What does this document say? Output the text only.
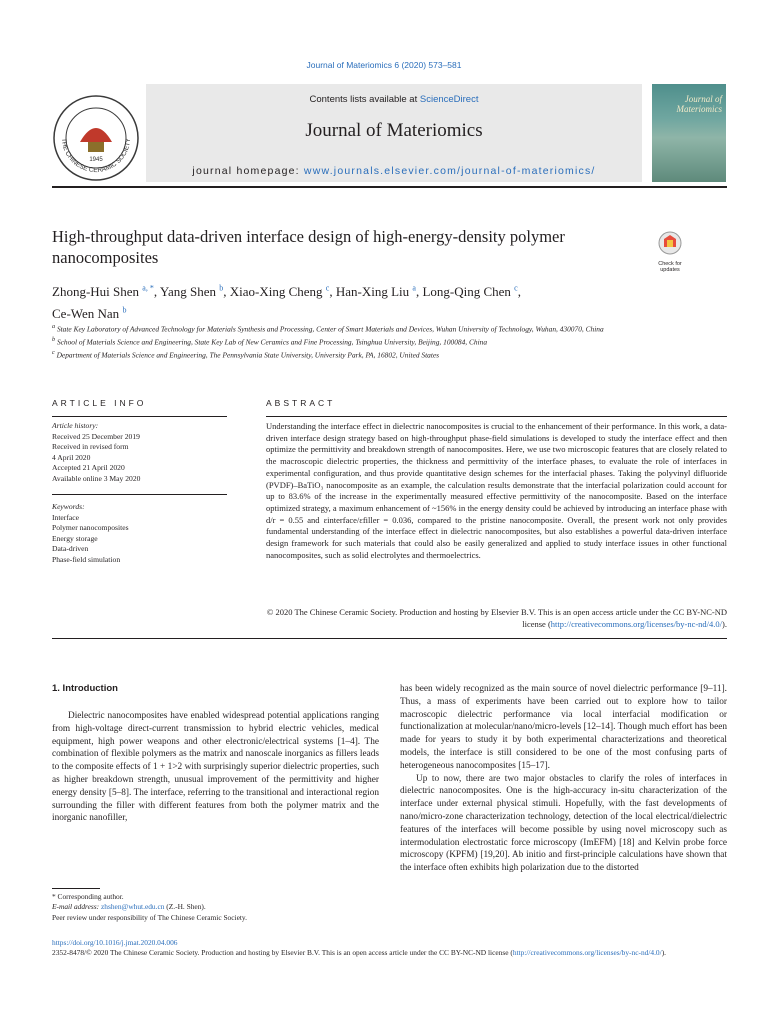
Journal of Materiomics 6 (2020) 573–581
THE CHINESE CERAMIC SOCIETY
1945
Contents lists available at ScienceDirect
Journal of Materiomics
journal homepage: www.journals.elsevier.com/journal-of-materiomics/
Journal of Materiomics
High-throughput data-driven interface design of high-energy-density polymer nanocomposites	Check for updates
Zhong-Hui Shen $^{a, *}$, Yang Shen $^b$, Xiao-Xing Cheng $^c$, Han-Xing Liu $^a$, Long-Qing Chen $^c$,
Ce-Wen Nan $^b$
$^a$ State Key Laboratory of Advanced Technology for Materials Synthesis and Processing, Center of Smart Materials and Devices, Wuhan University of Technology, Wuhan, 430070, China
$^b$ School of Materials Science and Engineering, State Key Lab of New Ceramics and Fine Processing, Tsinghua University, Beijing, 100084, China
$^c$ Department of Materials Science and Engineering, The Pennsylvania State University, University Park, PA, 16802, United States
ARTICLE INFO	ABSTRACT
Article history:
Received 25 December 2019
Received in revised form
4 April 2020
Accepted 21 April 2020
Available online 3 May 2020
Keywords:
Interface
Polymer nanocomposites
Energy storage
Data-driven
Phase-field simulation
Understanding the interface effect in dielectric nanocomposites is crucial to the enhancement of their performance. In this work, a data-driven interface design strategy based on high-throughput phase-field simulations is developed to study the interface effect and then optimize the permittivity and breakdown strength of nanocomposites. Here, we use two microscopic features that are closely related to the macroscopic dielectric properties, the thickness and permittivity of the interface phases, to evaluate the role of interfaces in experimental configuration, and thus provide quantitative design schemes for the interfacial phases. Taking the polyvinyl difluoride (PVDF)–BaTiO₃ nanocomposite as an example, the calculation results demonstrate that the interfacial polarization could account for up to 83.6% of the increase in the experimentally measured effective permittivity of the nanocomposite. Based on the interface optimized strategy, a maximum enhancement of ~156% in the energy density could be achieved by introducing an interface phase with d/r = 0.55 and εinterface/εfiller = 0.036, compared to the pristine nanocomposite. Overall, the present work not only provides fundamental understanding of the interface effect in dielectric nanocomposites, but also establishes a powerful data-driven interface design framework for such materials that could also be easily generalized and applied to study interface issues in other functional nanocomposites, such as solid electrolytes and thermoelectrics.
© 2020 The Chinese Ceramic Society. Production and hosting by Elsevier B.V. This is an open access article under the CC BY-NC-ND license (http://creativecommons.org/licenses/by-nc-nd/4.0/).
1. Introduction

Dielectric nanocomposites have enabled widespread potential applications ranging from high-voltage direct-current transmission to hybrid electric vehicles, medical equipment, high power weapons and other electronic/electrical systems [1–4]. The combination of flexible polymers as the matrix and nanoscale inorganics as fillers leads to the composite effects of 1 + 1>2 with surprisingly superior dielectric properties, such as higher breakdown strength, unusual improvement of the permittivity and higher energy density [5–8]. The interface, referring to the transitional and interactional region surrounding the filler with different features from both the polymer matrix and the inorganic nanofiller,

has been widely recognized as the main source of novel dielectric performance [9–11]. Thus, a mass of experiments have been carried out to explore how to tailor macroscopic dielectric performance via local interfacial modification or functionalization at molecular/nano/micro-levels [12–14]. Though much effort has been made for years to study it by both experimental characterizations and theoretical models, the interface is still considered to be one of the most confusing parts of heterogeneous nanocomposites [15–17].

Up to now, there are two major obstacles to clarify the roles of interfaces in dielectric nanocomposites. One is the high-accuracy in-situ characterization of the interface under external physical stimuli. Hopefully, with the fast developments of nano/micro-zone characterization technology, detection of the local electrical/dielectric features of the interfaces will become possible by using novel microscopy such as intermodulation electrostatic force microscopy (ImEFM) [18] and Kelvin probe force microscopy (KPFM) [19,20]. Ab initio and first-principle calculations have shown that the interface often exhibits high polarization due to the distorted

* Corresponding author.
E-mail address: zhshen@whut.edu.cn (Z.-H. Shen).
Peer review under responsibility of The Chinese Ceramic Society.
https://doi.org/10.1016/j.jmat.2020.04.006
2352-8478/© 2020 The Chinese Ceramic Society. Production and hosting by Elsevier B.V. This is an open access article under the CC BY-NC-ND license (http://creativecommons.org/licenses/by-nc-nd/4.0/).
